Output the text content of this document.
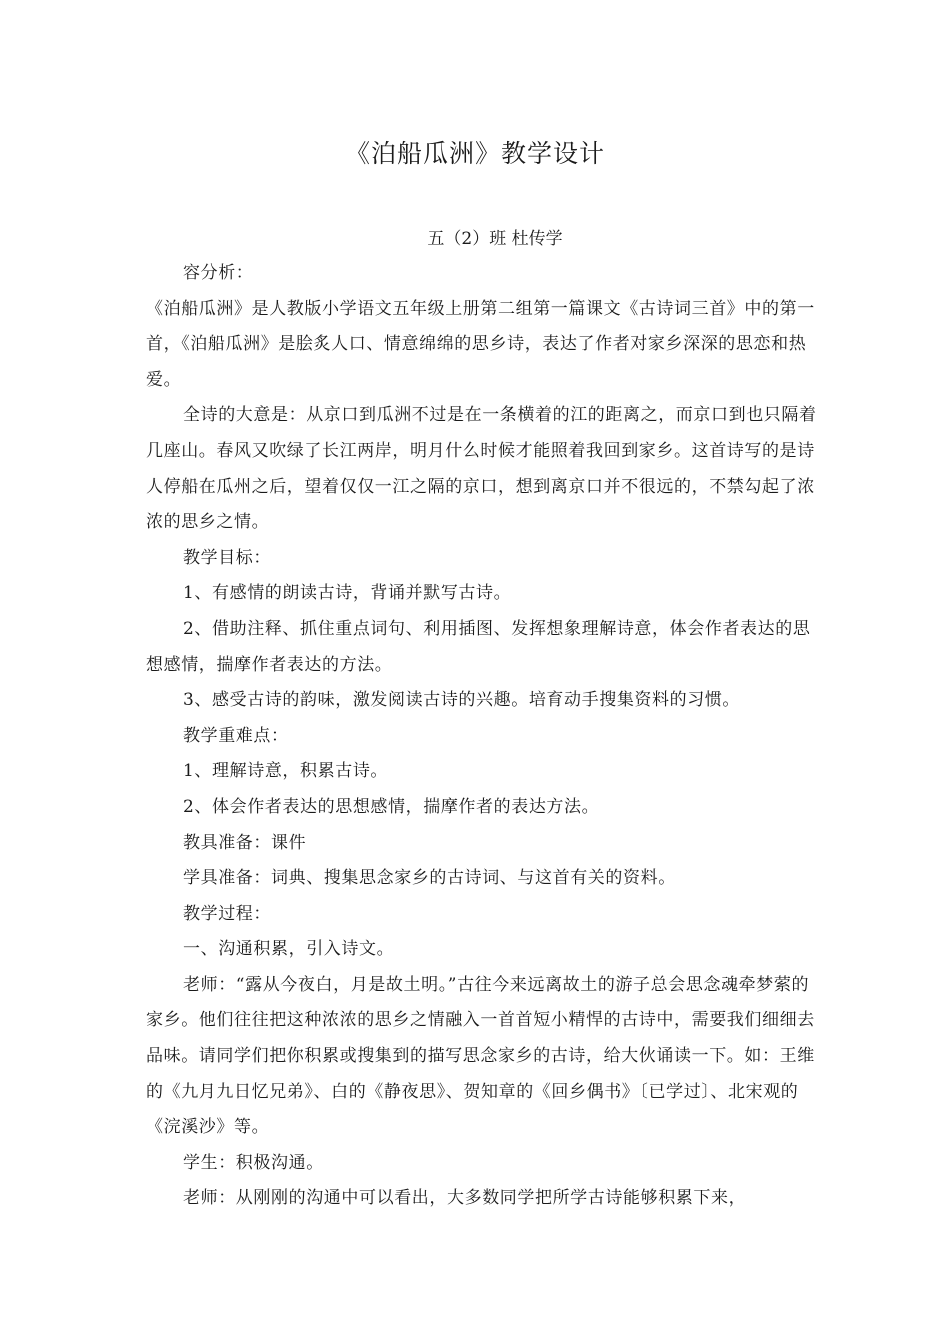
《泊船瓜洲》教学设计

五（2）班 杜传学

容分析：

《泊船瓜洲》是人教版小学语文五年级上册第二组第一篇课文《古诗词三首》中的第一首，《泊船瓜洲》是脍炙人口、情意绵绵的思乡诗，表达了作者对家乡深深的思恋和热爱。

全诗的大意是：从京口到瓜洲不过是在一条横着的江的距离之，而京口到也只隔着几座山。春风又吹绿了长江两岸，明月什么时候才能照着我回到家乡。这首诗写的是诗人停船在瓜州之后，望着仅仅一江之隔的京口，想到离京口并不很远的，不禁勾起了浓浓的思乡之情。

教学目标：

1、有感情的朗读古诗，背诵并默写古诗。

2、借助注释、抓住重点词句、利用插图、发挥想象理解诗意，体会作者表达的思想感情，揣摩作者表达的方法。

3、感受古诗的韵味，激发阅读古诗的兴趣。培育动手搜集资料的习惯。

教学重难点：

1、理解诗意，积累古诗。

2、体会作者表达的思想感情，揣摩作者的表达方法。

教具准备：课件

学具准备：词典、搜集思念家乡的古诗词、与这首有关的资料。

教学过程：

一、沟通积累，引入诗文。

老师：“露从今夜白，月是故土明。”古往今来远离故土的游子总会思念魂牵梦萦的家乡。他们往往把这种浓浓的思乡之情融入一首首短小精悍的古诗中，需要我们细细去品味。请同学们把你积累或搜集到的描写思念家乡的古诗，给大伙诵读一下。如：王维的《九月九日忆兄弟》、白的《静夜思》、贺知章的《回乡偶书》〔已学过〕、北宋观的《浣溪沙》等。

学生：积极沟通。

老师：从刚刚的沟通中可以看出，大多数同学把所学古诗能够积累下来，
